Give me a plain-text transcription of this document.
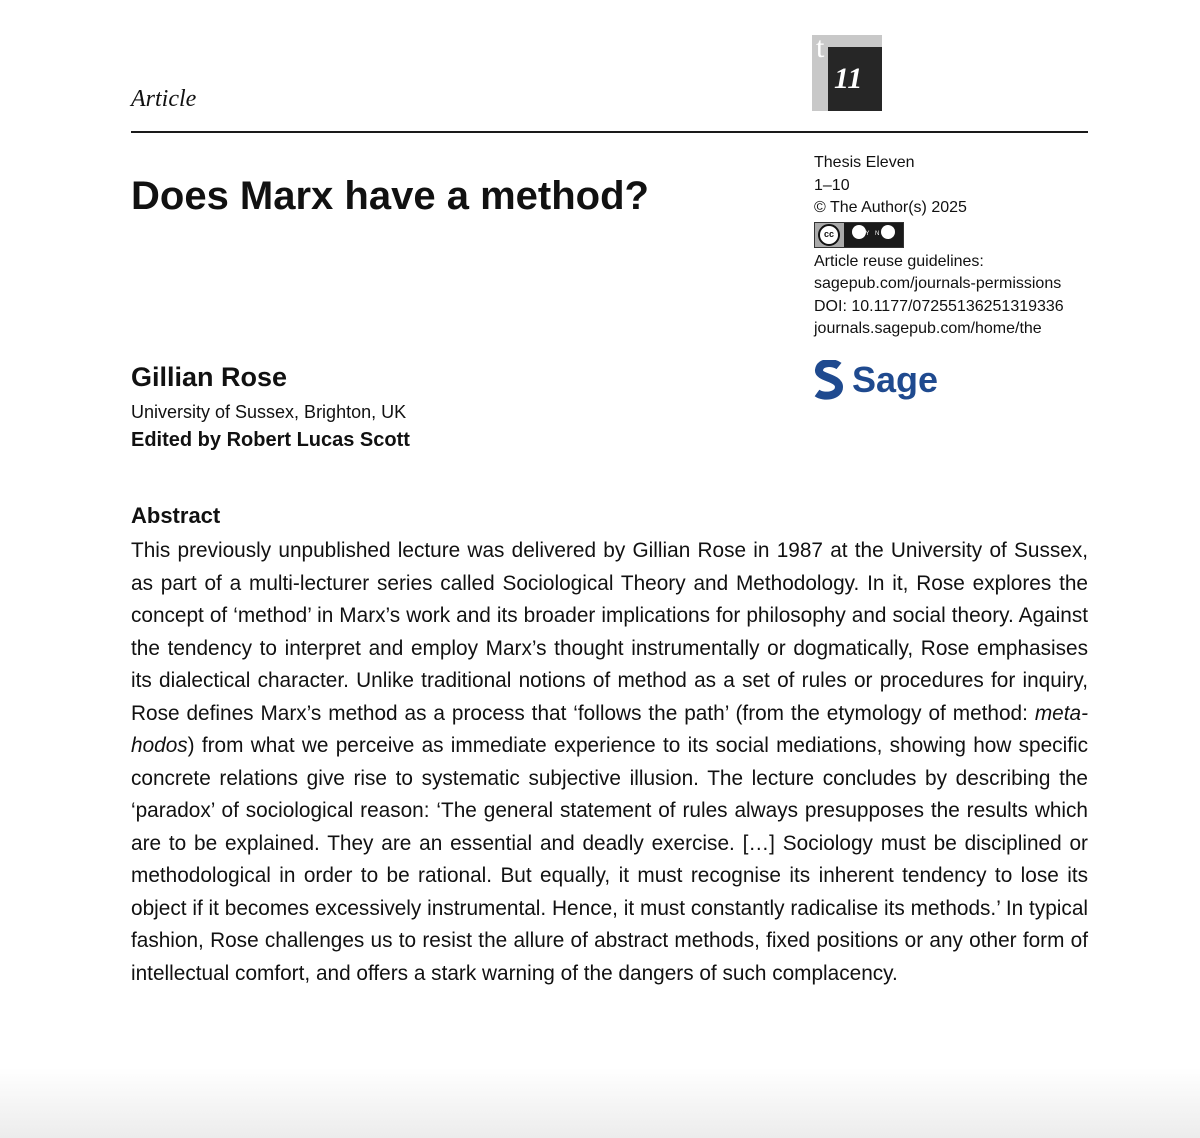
Article
t
11
Does Marx have a method?
Thesis Eleven
1–10
© The Author(s) 2025
cc	BY NC
Article reuse guidelines:
sagepub.com/journals-permissions
DOI: 10.1177/07255136251319336
journals.sagepub.com/home/the
Sage
Gillian Rose
University of Sussex, Brighton, UK
Edited by Robert Lucas Scott
Abstract

This previously unpublished lecture was delivered by Gillian Rose in 1987 at the University of Sussex, as part of a multi-lecturer series called Sociological Theory and Methodology. In it, Rose explores the concept of ‘method’ in Marx’s work and its broader implications for philosophy and social theory. Against the tendency to interpret and employ Marx’s thought instrumentally or dogmatically, Rose emphasises its dialectical character. Unlike traditional notions of method as a set of rules or procedures for inquiry, Rose defines Marx’s method as a process that ‘follows the path’ (from the etymology of method: meta-hodos) from what we perceive as immediate experience to its social mediations, showing how specific concrete relations give rise to systematic subjective illusion. The lecture concludes by describing the ‘paradox’ of sociological reason: ‘The general statement of rules always presupposes the results which are to be explained. They are an essential and deadly exercise. […] Sociology must be disciplined or methodological in order to be rational. But equally, it must recognise its inherent tendency to lose its object if it becomes excessively instrumental. Hence, it must constantly radicalise its methods.’ In typical fashion, Rose challenges us to resist the allure of abstract methods, fixed positions or any other form of intellectual comfort, and offers a stark warning of the dangers of such complacency.
